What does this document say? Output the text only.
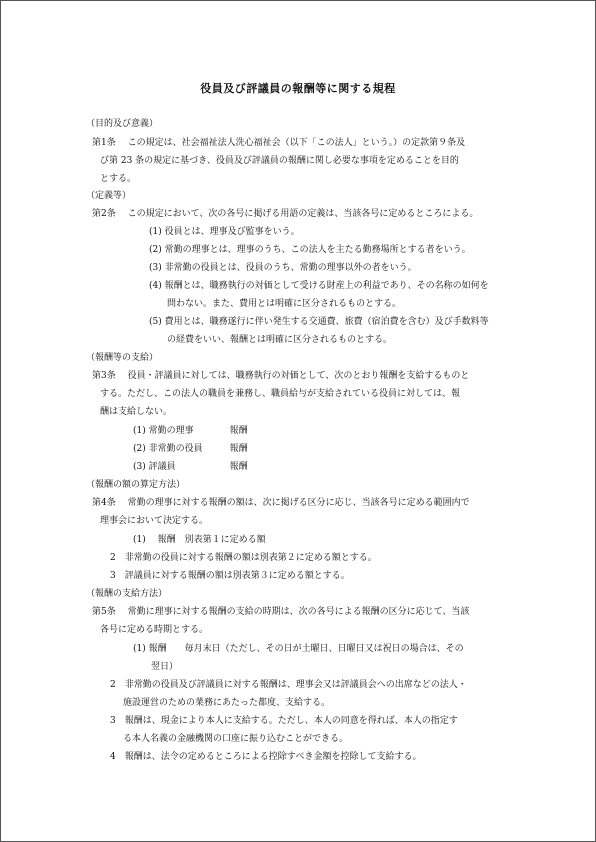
役員及び評議員の報酬等に関する規程
（目的及び意義）
第1条　 この規定は、社会福祉法人洗心福祉会（以下「この法人」という。）の定款第９条及
び第 23 条の規定に基づき、役員及び評議員の報酬に関し必要な事項を定めることを目的
とする。
（定義等）
第2条　 この規定において、次の各号に掲げる用語の定義は、当該各号に定めるところによる。
(1) 役員とは、理事及び監事をいう。
(2) 常勤の理事とは、理事のうち、この法人を主たる勤務場所とする者をいう。
(3) 非常勤の役員とは、役員のうち、常勤の理事以外の者をいう。
(4) 報酬とは、職務執行の対価として受ける財産上の利益であり、その名称の如何を
問わない。また、費用とは明確に区分されるものとする。
(5) 費用とは、職務遂行に伴い発生する交通費、旅費（宿泊費を含む）及び手数料等
の経費をいい、報酬とは明確に区分されるものとする。
（報酬等の支給）
第3条　 役員・評議員に対しては、職務執行の対価として、次のとおり報酬を支給するものと
する。ただし、この法人の職員を兼務し、職員給与が支給されている役員に対しては、報
酬は支給しない。
(1) 常勤の理事　　　　報酬
(2) 非常勤の役員　　　報酬
(3) 評議員　　　　　　報酬
（報酬の額の算定方法）
第4条　 常勤の理事に対する報酬の額は、次に掲げる区分に応じ、当該各号に定める範囲内で
理事会において決定する。
(1)　 報酬　別表第１に定める額
2　非常勤の役員に対する報酬の額は別表第２に定める額とする。
3　評議員に対する報酬の額は別表第３に定める額とする。
（報酬の支給方法）
第5条　 常勤に理事に対する報酬の支給の時期は、次の各号による報酬の区分に応じて、当該
各号に定める時期とする。
(1) 報酬　　毎月末日（ただし、その日が土曜日、日曜日又は祝日の場合は、その
翌日）
2　非常勤の役員及び評議員に対する報酬は、理事会又は評議員会への出席などの法人・
施設運営のための業務にあたった都度、支給する。
3　報酬は、現金により本人に支給する。ただし、本人の同意を得れば、本人の指定す
る本人名義の金融機関の口座に振り込むことができる。
4　報酬は、法令の定めるところによる控除すべき金額を控除して支給する。
